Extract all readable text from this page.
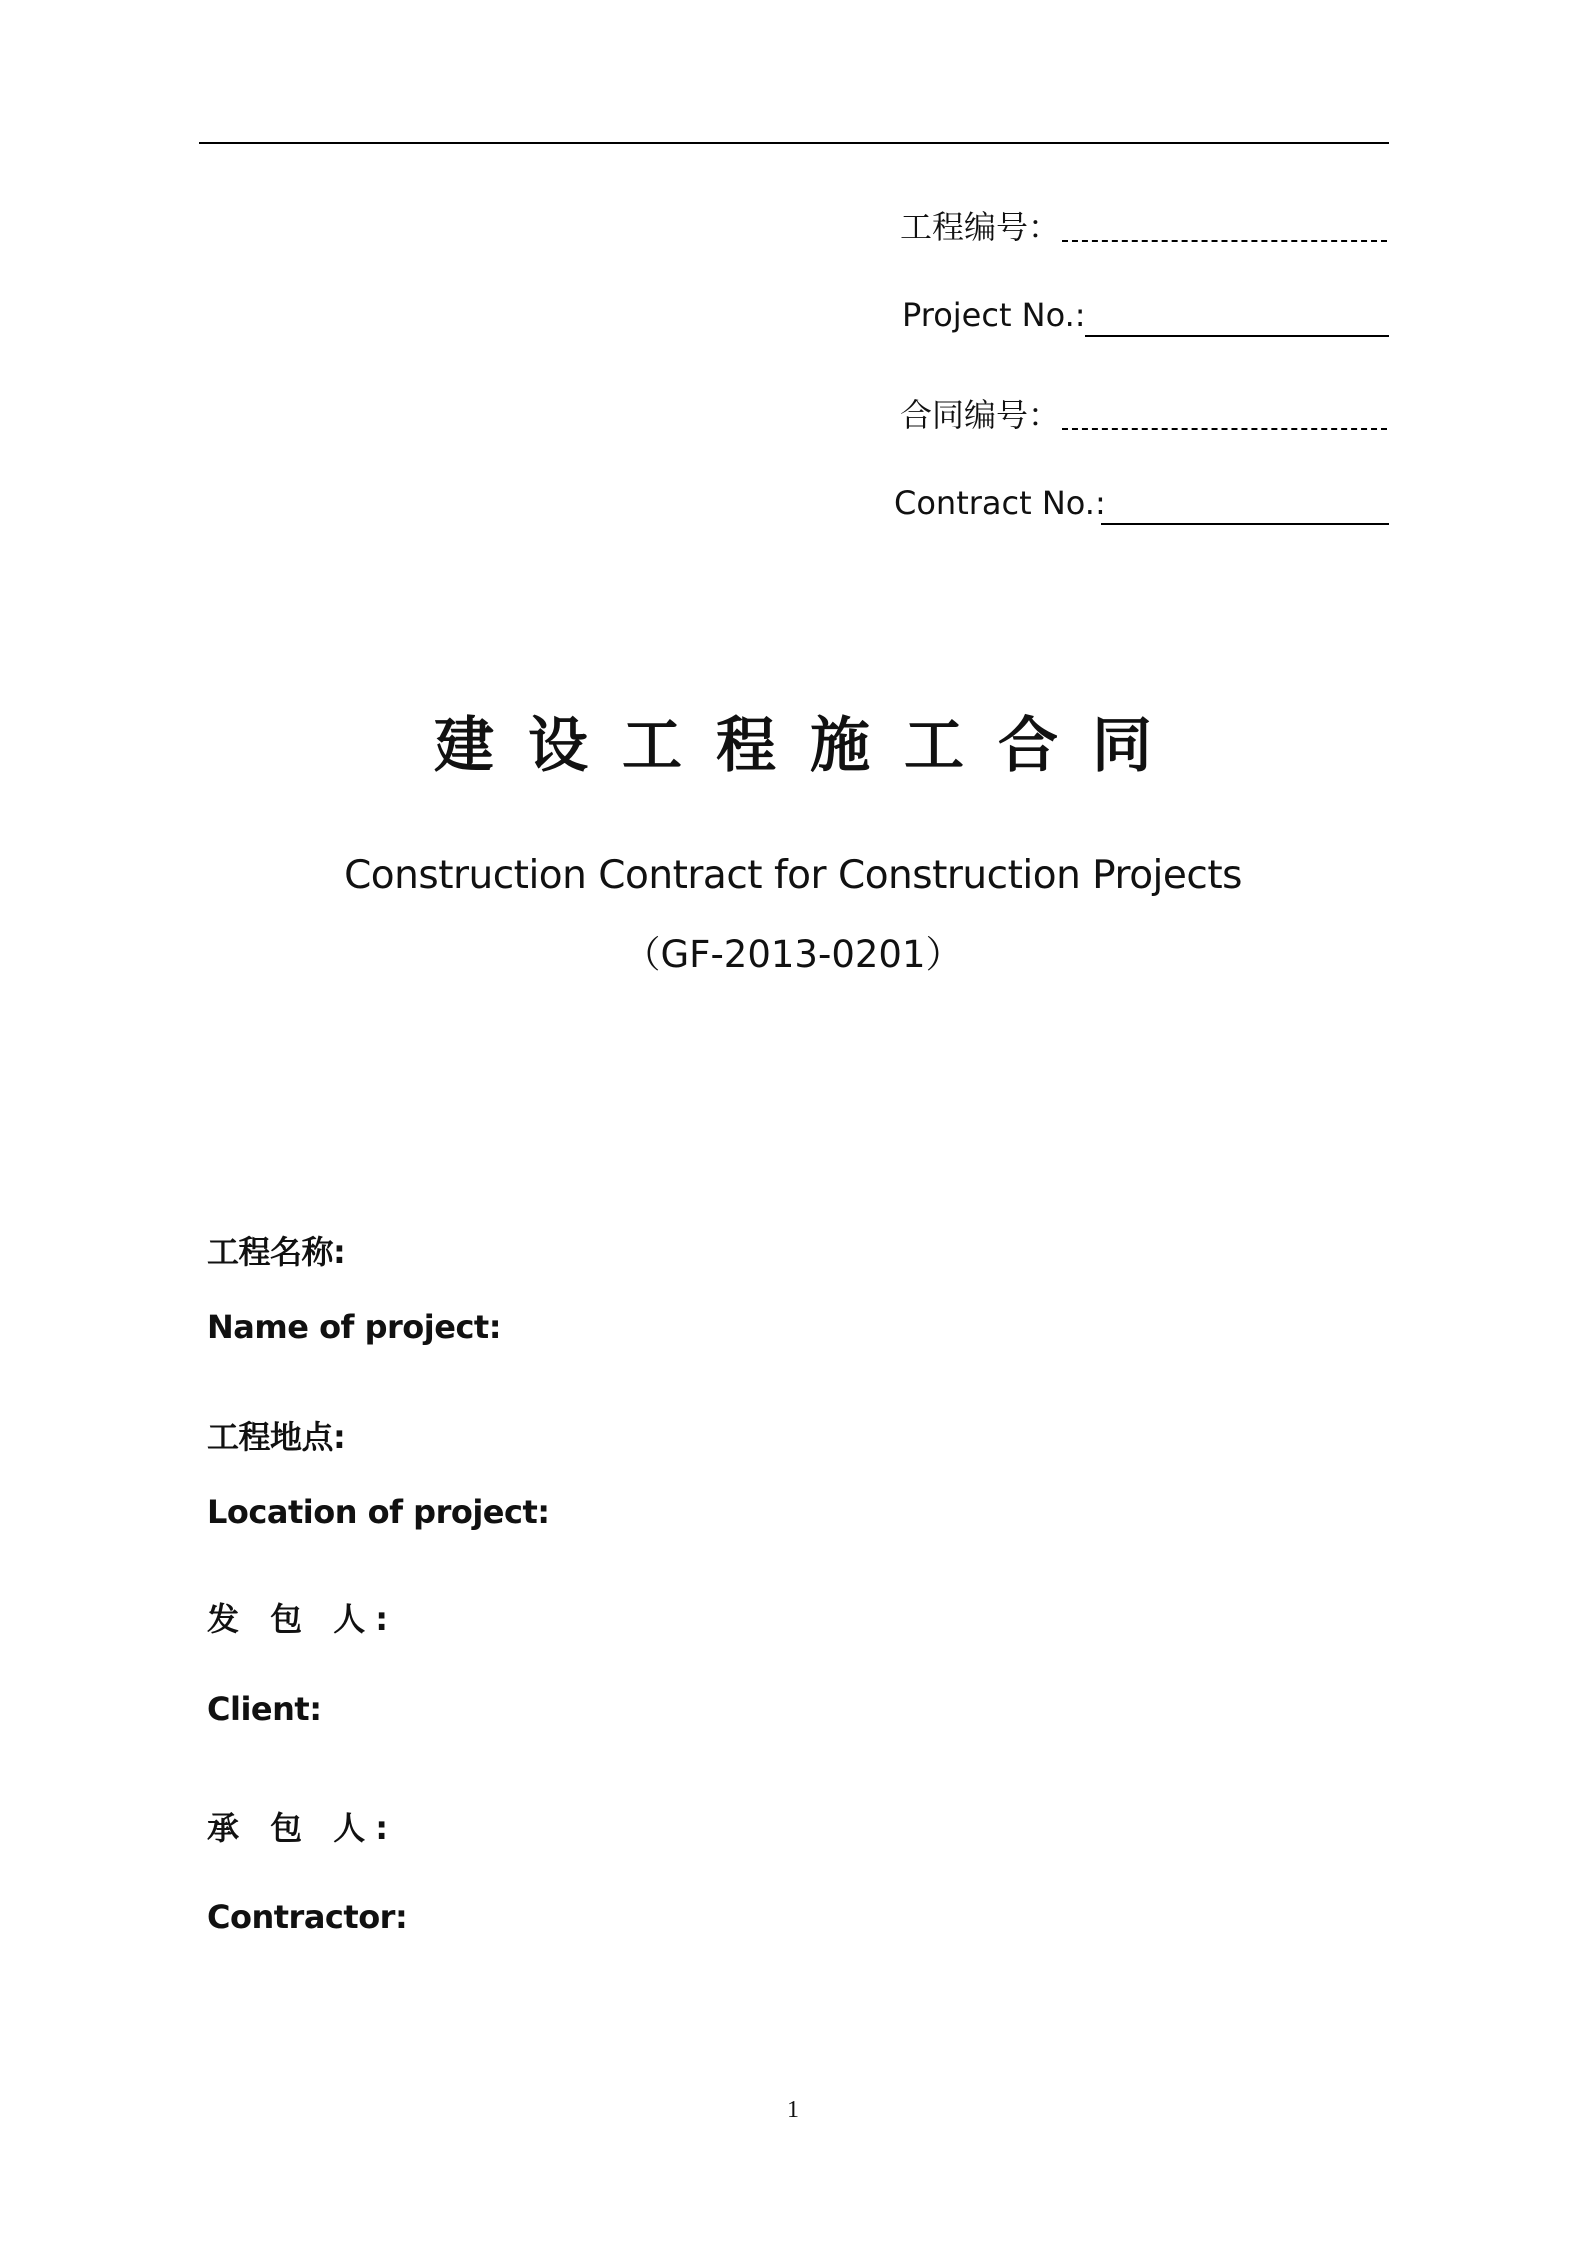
工程编号：
Project No.:
合同编号：
Contract No.:
建设工程施工合同
Construction Contract for Construction Projects
（GF-2013-0201）
工程名称:
Name of project:
工程地点:
Location of project:
发 包 人:
Client:
承 包 人:
Contractor:
1
